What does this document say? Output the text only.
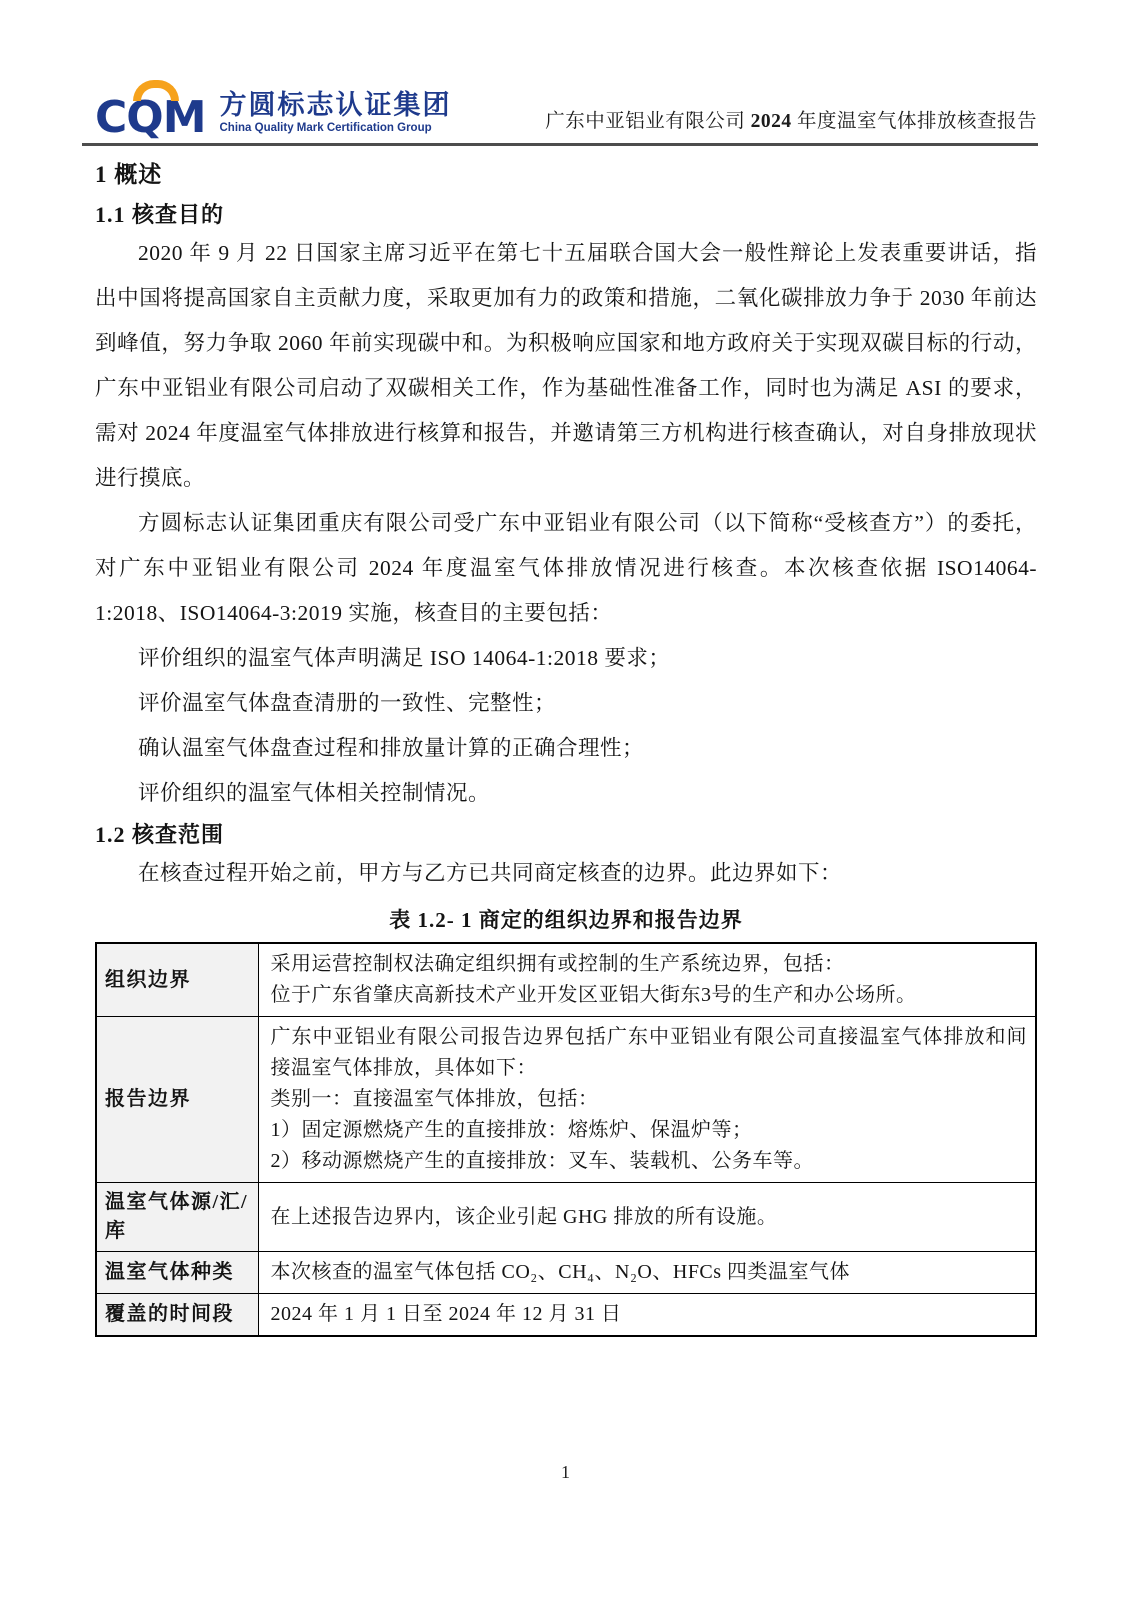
CQM 方圆标志认证集团
China Quality Mark Certification Group	广东中亚铝业有限公司 2024 年度温室气体排放核查报告
1 概述
1.1 核查目的

2020 年 9 月 22 日国家主席习近平在第七十五届联合国大会一般性辩论上发表重要讲话，指出中国将提高国家自主贡献力度，采取更加有力的政策和措施，二氧化碳排放力争于 2030 年前达到峰值，努力争取 2060 年前实现碳中和。为积极响应国家和地方政府关于实现双碳目标的行动，广东中亚铝业有限公司启动了双碳相关工作，作为基础性准备工作，同时也为满足 ASI 的要求，需对 2024 年度温室气体排放进行核算和报告，并邀请第三方机构进行核查确认，对自身排放现状进行摸底。

方圆标志认证集团重庆有限公司受广东中亚铝业有限公司（以下简称“受核查方”）的委托，对广东中亚铝业有限公司 2024 年度温室气体排放情况进行核查。本次核查依据 ISO14064-1:2018、ISO14064-3:2019 实施，核查目的主要包括：

评价组织的温室气体声明满足 ISO 14064-1:2018 要求；
评价温室气体盘查清册的一致性、完整性；
确认温室气体盘查过程和排放量计算的正确合理性；
评价组织的温室气体相关控制情况。
1.2 核查范围

在核查过程开始之前，甲方与乙方已共同商定核查的边界。此边界如下：

表 1.2- 1 商定的组织边界和报告边界
组织边界	采用运营控制权法确定组织拥有或控制的生产系统边界，包括：
位于广东省肇庆高新技术产业开发区亚铝大街东3号的生产和办公场所。

报告边界	广东中亚铝业有限公司报告边界包括广东中亚铝业有限公司直接温室气体排放和间接温室气体排放，具体如下：
类别一：直接温室气体排放，包括：
1）固定源燃烧产生的直接排放：熔炼炉、保温炉等；
2）移动源燃烧产生的直接排放：叉车、装载机、公务车等。

温室气体源/汇/库	在上述报告边界内，该企业引起 GHG 排放的所有设施。

温室气体种类	本次核查的温室气体包括 CO₂、CH₄、N₂O、HFCs 四类温室气体

覆盖的时间段	2024 年 1 月 1 日至 2024 年 12 月 31 日
1
